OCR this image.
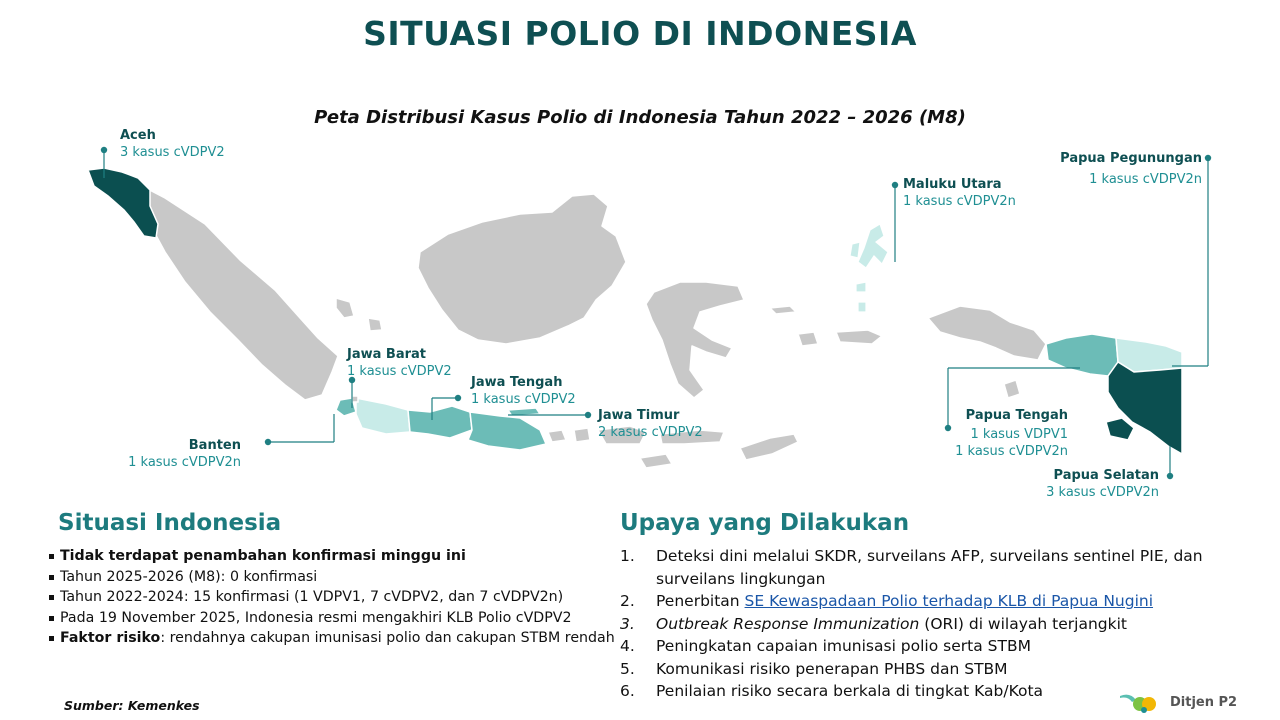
SITUASI POLIO DI INDONESIA
Peta Distribusi Kasus Polio di Indonesia Tahun 2022 – 2026 (M8)
Aceh
3 kasus cVDPV2	Papua Pegunungan
1 kasus cVDPV2n
Maluku Utara
1 kasus cVDPV2n
Jawa Barat
1 kasus cVDPV2
Jawa Tengah
1 kasus cVDPV2
Jawa Timur
2 kasus cVDPV2
Banten
1 kasus cVDPV2n
Papua Tengah
1 kasus VDPV1
1 kasus cVDPV2n
Papua Selatan
3 kasus cVDPV2n
Situasi Indonesia
Tidak terdapat penambahan konfirmasi minggu ini
Tahun 2025-2026 (M8): 0 konfirmasi
Tahun 2022-2024: 15 konfirmasi (1 VDPV1, 7 cVDPV2, dan 7 cVDPV2n)
Pada 19 November 2025, Indonesia resmi mengakhiri KLB Polio cVDPV2
Faktor risiko: rendahnya cakupan imunisasi polio dan cakupan STBM rendah
Upaya yang Dilakukan
1. Deteksi dini melalui SKDR, surveilans AFP, surveilans sentinel PIE, dan surveilans lingkungan
2. Penerbitan SE Kewaspadaan Polio terhadap KLB di Papua Nugini
3. Outbreak Response Immunization (ORI) di wilayah terjangkit
4. Peningkatan capaian imunisasi polio serta STBM
5. Komunikasi risiko penerapan PHBS dan STBM
6. Penilaian risiko secara berkala di tingkat Kab/Kota
Sumber: Kemenkes	Ditjen P2
